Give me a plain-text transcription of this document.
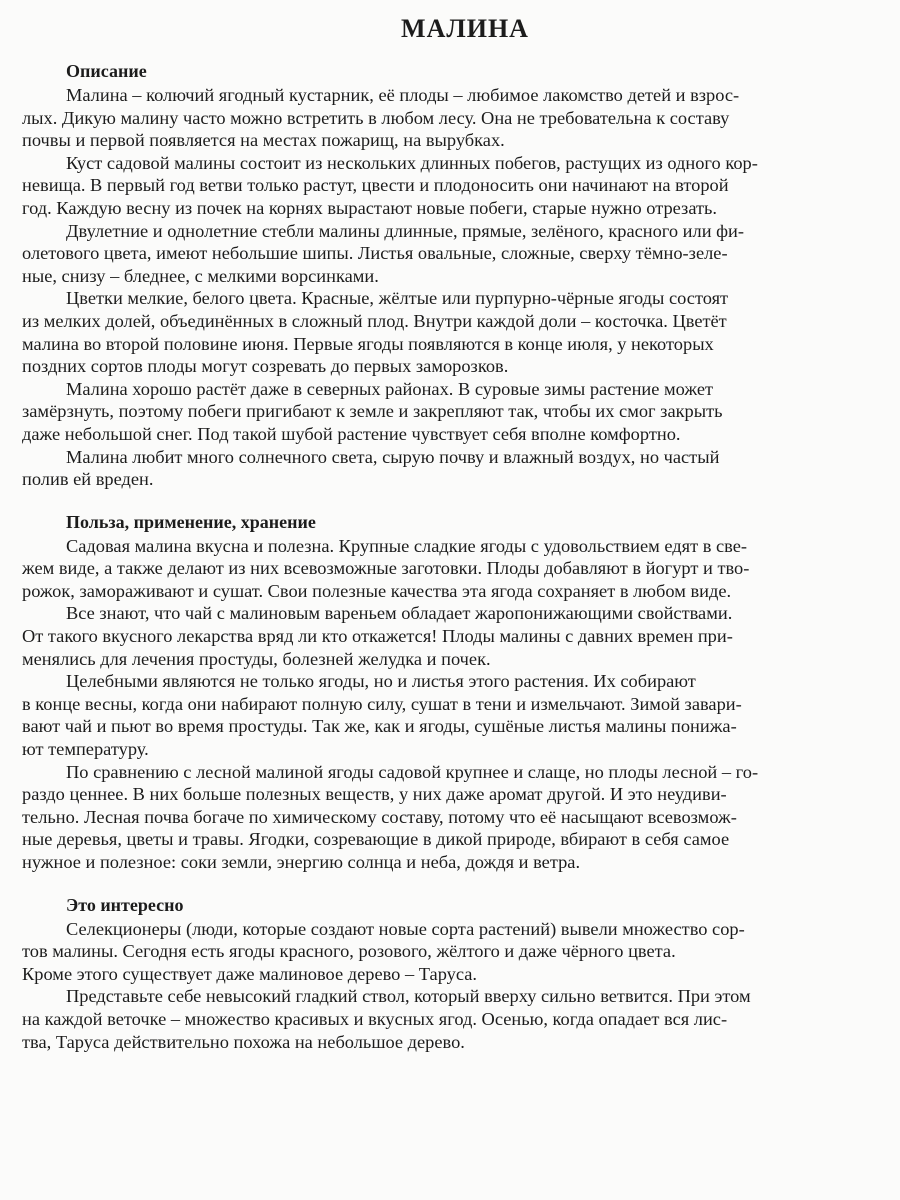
МАЛИНА
Описание
Малина – колючий ягодный кустарник, её плоды – любимое лакомство детей и взрос-
лых. Дикую малину часто можно встретить в любом лесу. Она не требовательна к составу
почвы и первой появляется на местах пожарищ, на вырубках.
Куст садовой малины состоит из нескольких длинных побегов, растущих из одного кор-
невища. В первый год ветви только растут, цвести и плодоносить они начинают на второй
год. Каждую весну из почек на корнях вырастают новые побеги, старые нужно отрезать.
Двулетние и однолетние стебли малины длинные, прямые, зелёного, красного или фи-
олетового цвета, имеют небольшие шипы. Листья овальные, сложные, сверху тёмно-зеле-
ные, снизу – бледнее, с мелкими ворсинками.
Цветки мелкие, белого цвета. Красные, жёлтые или пурпурно-чёрные ягоды состоят
из мелких долей, объединённых в сложный плод. Внутри каждой доли – косточка. Цветёт
малина во второй половине июня. Первые ягоды появляются в конце июля, у некоторых
поздних сортов плоды могут созревать до первых заморозков.
Малина хорошо растёт даже в северных районах. В суровые зимы растение может
замёрзнуть, поэтому побеги пригибают к земле и закрепляют так, чтобы их смог закрыть
даже небольшой снег. Под такой шубой растение чувствует себя вполне комфортно.
Малина любит много солнечного света, сырую почву и влажный воздух, но частый
полив ей вреден.
Польза, применение, хранение
Садовая малина вкусна и полезна. Крупные сладкие ягоды с удовольствием едят в све-
жем виде, а также делают из них всевозможные заготовки. Плоды добавляют в йогурт и тво-
рожок, замораживают и сушат. Свои полезные качества эта ягода сохраняет в любом виде.
Все знают, что чай с малиновым вареньем обладает жаропонижающими свойствами.
От такого вкусного лекарства вряд ли кто откажется! Плоды малины с давних времен при-
менялись для лечения простуды, болезней желудка и почек.
Целебными являются не только ягоды, но и листья этого растения. Их собирают
в конце весны, когда они набирают полную силу, сушат в тени и измельчают. Зимой завари-
вают чай и пьют во время простуды. Так же, как и ягоды, сушёные листья малины понижа-
ют температуру.
По сравнению с лесной малиной ягоды садовой крупнее и слаще, но плоды лесной – го-
раздо ценнее. В них больше полезных веществ, у них даже аромат другой. И это неудиви-
тельно. Лесная почва богаче по химическому составу, потому что её насыщают всевозмож-
ные деревья, цветы и травы. Ягодки, созревающие в дикой природе, вбирают в себя самое
нужное и полезное: соки земли, энергию солнца и неба, дождя и ветра.
Это интересно
Селекционеры (люди, которые создают новые сорта растений) вывели множество сор-
тов малины. Сегодня есть ягоды красного, розового, жёлтого и даже чёрного цвета.
Кроме этого существует даже малиновое дерево – Таруса.
Представьте себе невысокий гладкий ствол, который вверху сильно ветвится. При этом
на каждой веточке – множество красивых и вкусных ягод. Осенью, когда опадает вся лис-
тва, Таруса действительно похожа на небольшое дерево.
